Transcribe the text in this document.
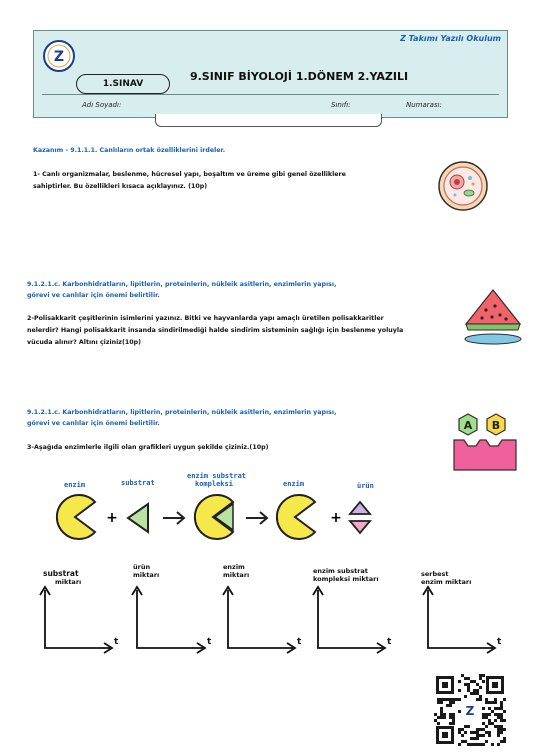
Z Takımı Yazılı Okulum
Z
1.SINAV
9.SINIF BİYOLOJİ 1.DÖNEM 2.YAZILI
Adı Soyadı:	Sınıfı:	Numarası:
Kazanım - 9.1.1.1. Canlıların ortak özelliklerini irdeler.
1- Canlı organizmalar, beslenme, hücresel yapı, boşaltım ve üreme gibi genel özelliklere
sahiptirler. Bu özellikleri kısaca açıklayınız. (10p)
9.1.2.1.c. Karbonhidratların, lipitlerin, proteinlerin, nükleik asitlerin, enzimlerin yapısı,
görevi ve canlılar için önemi belirtilir.
2-Polisakkarit çeşitlerinin isimlerini yazınız. Bitki ve hayvanlarda yapı amaçlı üretilen polisakkaritler
nelerdir? Hangi polisakkarit insanda sindirilmediği halde sindirim sisteminin sağlığı için beslenme yoluyla
vücuda alınır? Altını çiziniz(10p)
9.1.2.1.c. Karbonhidratların, lipitlerin, proteinlerin, nükleik asitlerin, enzimlerin yapısı,
görevi ve canlılar için önemi belirtilir.
3-Aşağıda enzimlerle ilgili olan grafikleri uygun şekilde çiziniz.(10p)
A B
enzim	substrat
enzim substrat
kompleksi	enzim	ürün
+	+
substrat
miktarı
ürün
miktarı
enzim
miktarı	enzim substrat
kompleksi miktarı
serbest
enzim miktarı
t	t	t	t	t
Z
